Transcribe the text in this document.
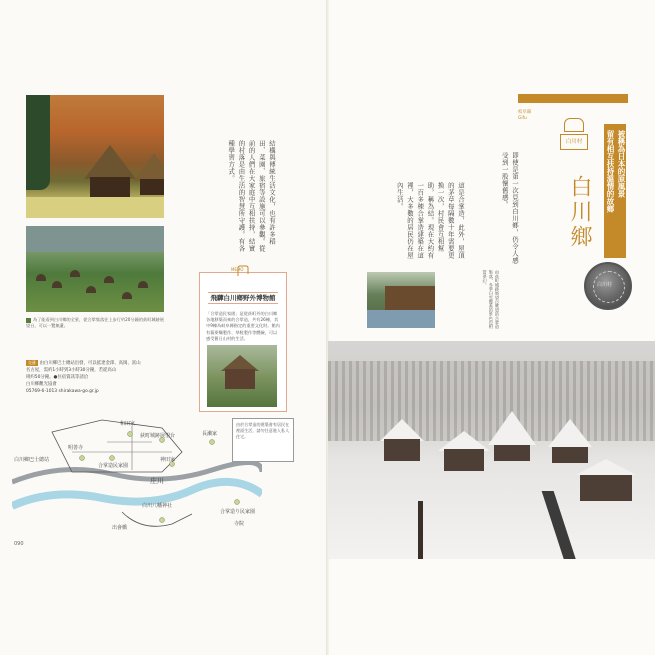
為了能看到白川鄉的全景，從合掌集落往上步行約20分鐘的荻町城跡展望台，可以一覽無遺。
交通 由白川鄉巴士總站出發，可以抵達金澤、高岡、富山
名古屋，需約1小時到3小時30分鐘，若從高山
則約50分鐘。●住宿資訊等請洽
白川鄉觀光協會
05769-6-1013 shirakawa-go.gr.jp
白川鄉巴士總站
和田家
荻町城跡展望台
神田家
明善寺
合掌造民家園
長瀨家
庄川
白川八幡神社
出會橋
合掌造り民家園
寺院
MEMO
飛驒白川鄉野外博物館
「合掌造民家園」是從荻町外的白川鄉各地移築而來的合掌造，共有26棟，其中9棟為岐阜縣指定的重要文化財。館內有蕎麥麵製作、草鞋製作等體驗，可以感受舊日山村的生活。
由於合掌造的建築會有居民在裡面生活，請勿任意進入私人住宅。
結構與傳統生活文化，也有許多稻田、菜園、旅宿等設施可以參觀。從前的人們在大家庭中互相扶持，結實的村落是由生活的智慧所守護。有各種學習方式。
090
岐阜縣
Gifu
白川村
白川鄉
被稱為日本的原風景
留有相互扶持溫情的故鄉
即使是第一次見到白川鄉，仍令人感受到一股懷舊感。
這是合掌造，此外，屋頂的茅草每隔數十年需要更換一次，村民會互相幫助，稱為結。現在大約有一百多棟合掌造建築在這裡，大多數的居民仍在屋內生活。
由荻町城跡展望台眺望的合掌造集落，冬季白雪覆蓋的景色也相當夢幻。	白川村
